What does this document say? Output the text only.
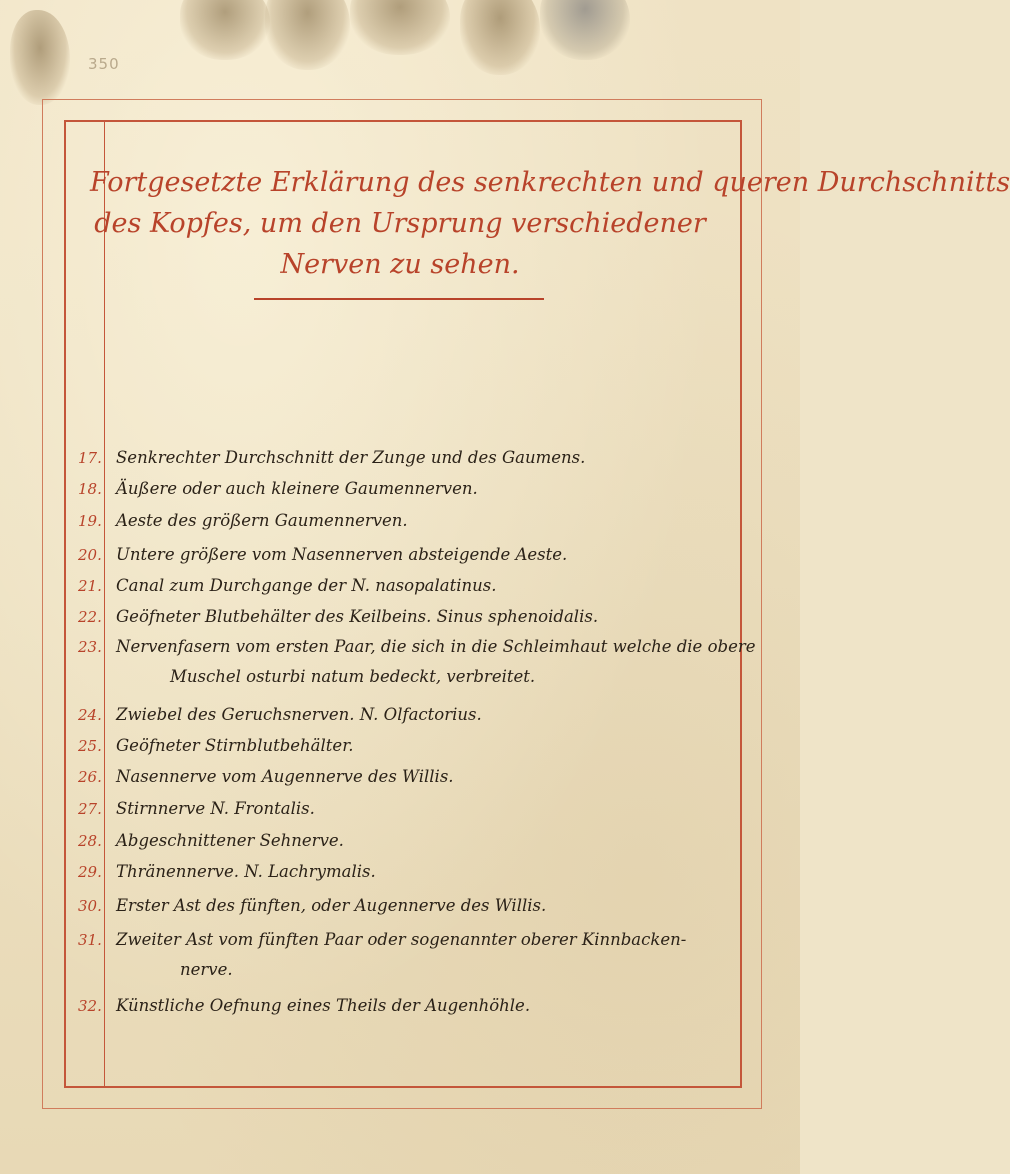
350
Fortgesetzte Erklärung des senkrechten und queren Durchschnitts
des Kopfes, um den Ursprung verschiedener
Nerven zu sehen.
17. Senkrechter Durchschnitt der Zunge und des Gaumens.
18. Äußere oder auch kleinere Gaumennerven.
19. Aeste des größern Gaumennerven.
20. Untere größere vom Nasennerven absteigende Aeste.
21. Canal zum Durchgange der N. nasopalatinus.
22. Geöfneter Blutbehälter des Keilbeins. Sinus sphenoidalis.
23. Nervenfasern vom ersten Paar, die sich in die Schleimhaut welche die obere
Muschel osturbi natum bedeckt, verbreitet.
24. Zwiebel des Geruchsnerven. N. Olfactorius.
25. Geöfneter Stirnblutbehälter.
26. Nasennerve vom Augennerve des Willis.
27. Stirnnerve N. Frontalis.
28. Abgeschnittener Sehnerve.
29. Thränennerve. N. Lachrymalis.
30. Erster Ast des fünften, oder Augennerve des Willis.
31. Zweiter Ast vom fünften Paar oder sogenannter oberer Kinnbacken-
nerve.
32. Künstliche Oefnung eines Theils der Augenhöhle.
